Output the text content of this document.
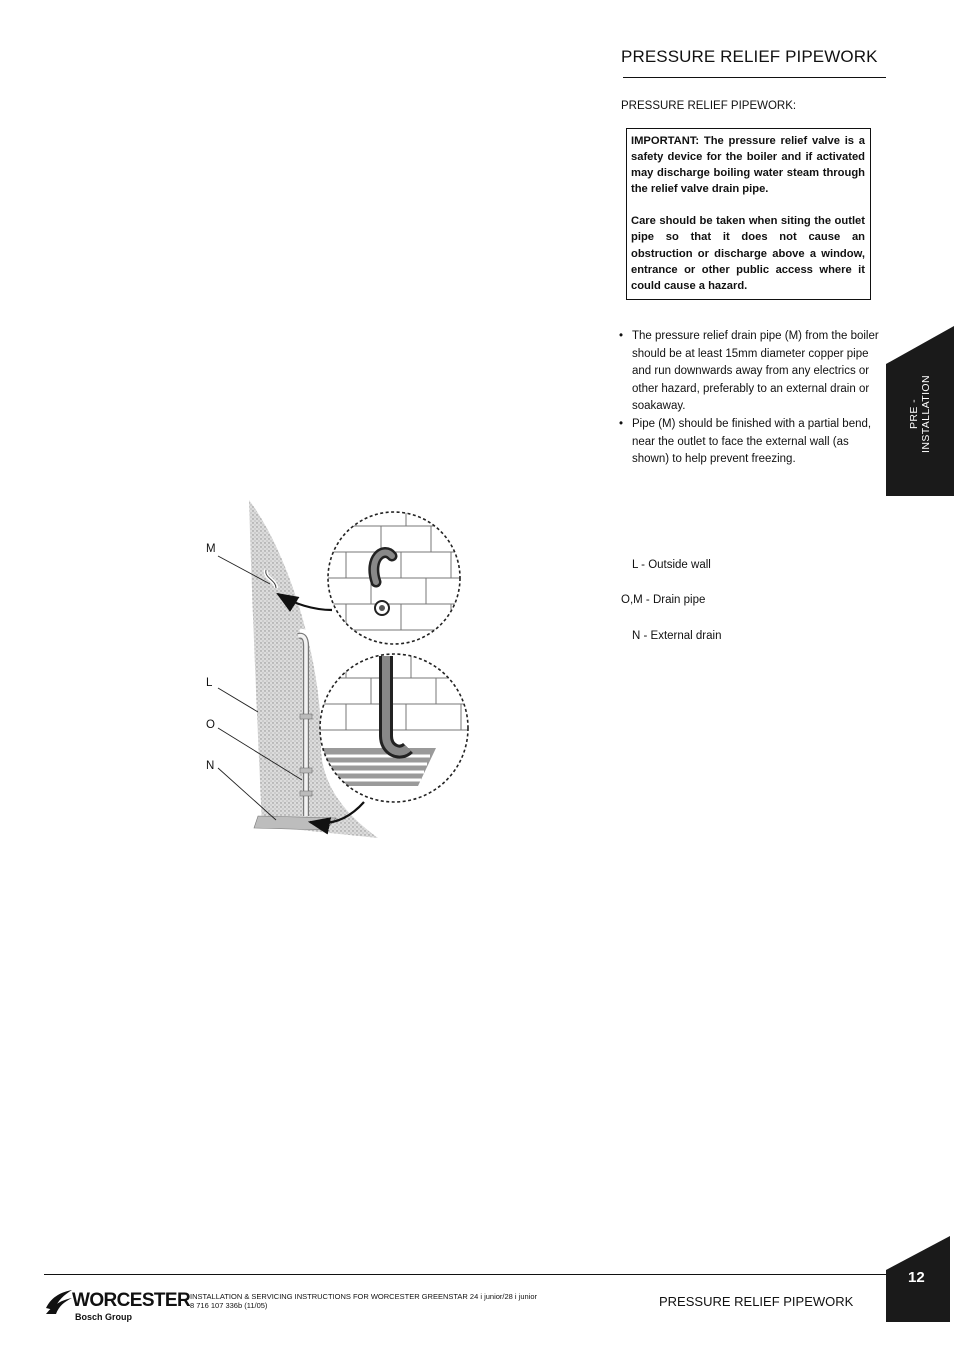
PRESSURE RELIEF PIPEWORK
PRESSURE RELIEF PIPEWORK:

IMPORTANT: The pressure relief valve is a safety device for the boiler and if activated may discharge boiling water steam through the relief valve drain pipe.

Care should be taken when siting the outlet pipe so that it does not cause an obstruction or discharge above a window, entrance or other public access where it could cause a hazard.

• The pressure relief drain pipe (M) from the boiler should be at least 15mm diameter copper pipe and run downwards away from any electrics or other hazard, preferably to an external drain or soakaway.
• Pipe (M) should be finished with a partial bend, near the outlet to face the external wall (as shown) to help prevent freezing.
PRE - INSTALLATION
M
L
O
N
L - Outside wall
O,M - Drain pipe
N - External drain
WORCESTER
Bosch Group
INSTALLATION & SERVICING INSTRUCTIONS FOR WORCESTER GREENSTAR 24 i junior/28 i junior
8 716 107 336b (11/05)	PRESSURE RELIEF PIPEWORK
12
